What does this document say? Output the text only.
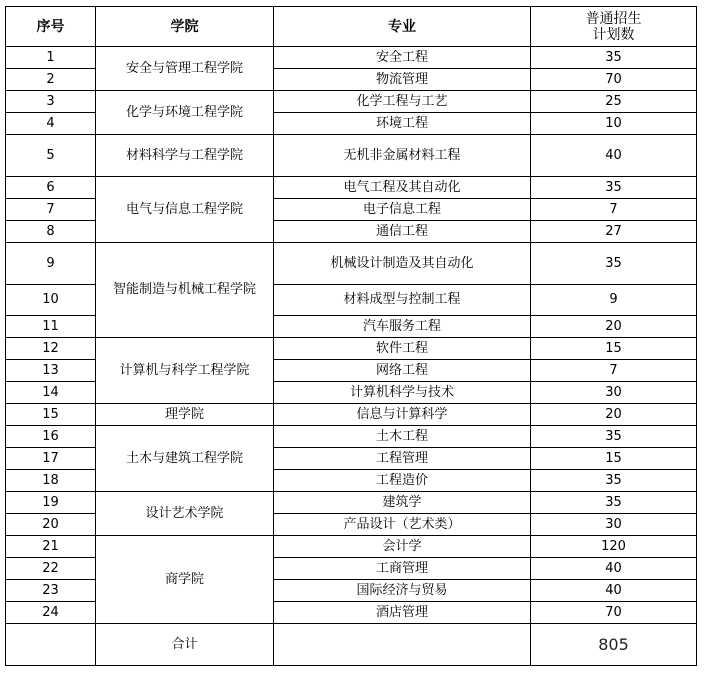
序号	学院	专业	普通招生
计划数

1	安全与管理工程学院	安全工程	35
2		物流管理	70
3	化学与环境工程学院	化学工程与工艺	25
4		环境工程	10
5	材料科学与工程学院	无机非金属材料工程	40
6	电气与信息工程学院	电气工程及其自动化	35
7		电子信息工程	7
8		通信工程	27
9	智能制造与机械工程学院	机械设计制造及其自动化	35
10		材料成型与控制工程	9
11		汽车服务工程	20
12	计算机与科学工程学院	软件工程	15
13		网络工程	7
14		计算机科学与技术	30
15	理学院	信息与计算科学	20
16	土木与建筑工程学院	土木工程	35
17		工程管理	15
18		工程造价	35
19	设计艺术学院	建筑学	35
20		产品设计（艺术类）	30
21	商学院	会计学	120
22		工商管理	40
23		国际经济与贸易	40
24		酒店管理	70
	合计		805
